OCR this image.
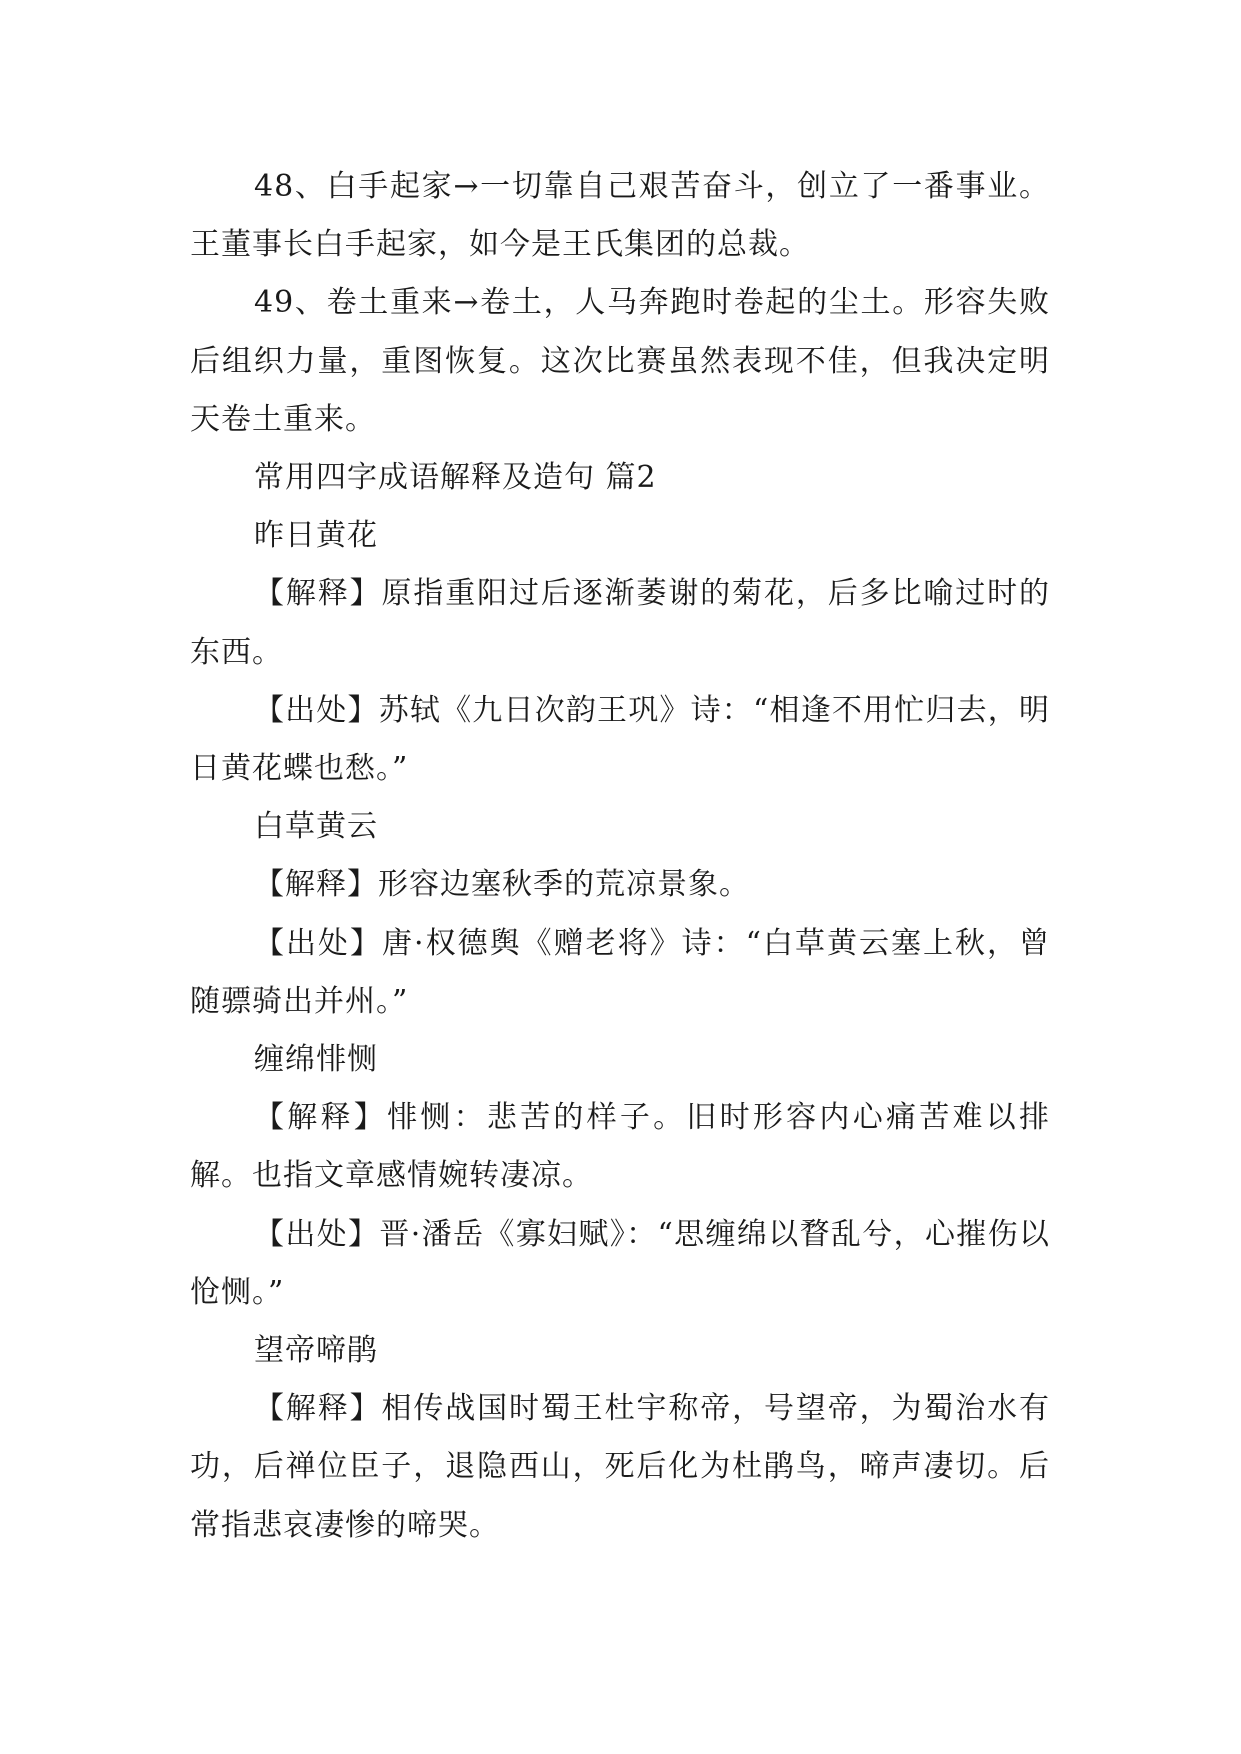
48、白手起家→一切靠自己艰苦奋斗，创立了一番事业。王董事长白手起家，如今是王氏集团的总裁。

49、卷土重来→卷土，人马奔跑时卷起的尘土。形容失败后组织力量，重图恢复。这次比赛虽然表现不佳，但我决定明天卷土重来。

常用四字成语解释及造句 篇2

昨日黄花

【解释】原指重阳过后逐渐萎谢的菊花，后多比喻过时的东西。

【出处】苏轼《九日次韵王巩》诗：“相逢不用忙归去，明日黄花蝶也愁。”

白草黄云

【解释】形容边塞秋季的荒凉景象。

【出处】唐·权德舆《赠老将》诗：“白草黄云塞上秋，曾随骠骑出并州。”

缠绵悱恻

【解释】悱恻：悲苦的样子。旧时形容内心痛苦难以排解。也指文章感情婉转凄凉。

【出处】晋·潘岳《寡妇赋》：“思缠绵以瞀乱兮，心摧伤以怆恻。”

望帝啼鹃

【解释】相传战国时蜀王杜宇称帝，号望帝，为蜀治水有功，后禅位臣子，退隐西山，死后化为杜鹃鸟，啼声凄切。后常指悲哀凄惨的啼哭。
